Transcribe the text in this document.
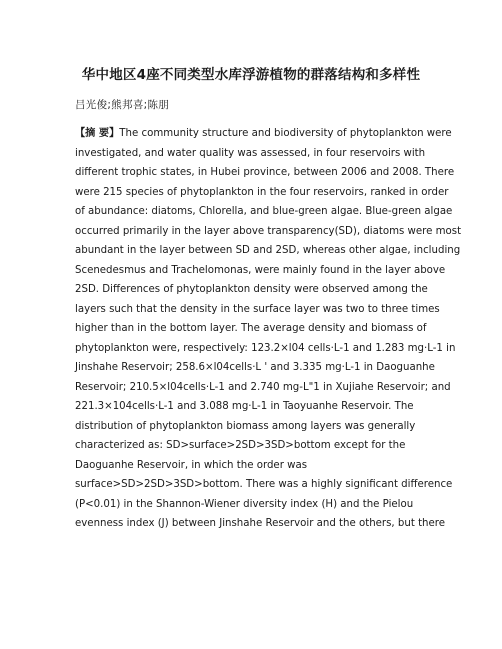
华中地区4座不同类型水库浮游植物的群落结构和多样性
吕光俊;熊邦喜;陈朋
【摘 要】The community structure and biodiversity of phytoplankton were
investigated, and water quality was assessed, in four reservoirs with
different trophic states, in Hubei province, between 2006 and 2008. There
were 215 species of phytoplankton in the four reservoirs, ranked in order
of abundance: diatoms, Chlorella, and blue-green algae. Blue-green algae
occurred primarily in the layer above transparency(SD), diatoms were most
abundant in the layer between SD and 2SD, whereas other algae, including
Scenedesmus and Trachelomonas, were mainly found in the layer above
2SD. Differences of phytoplankton density were observed among the
layers such that the density in the surface layer was two to three times
higher than in the bottom layer. The average density and biomass of
phytoplankton were, respectively: 123.2×l04 cells·L-1 and 1.283 mg·L-1 in
Jinshahe Reservoir; 258.6×l04cells·L ' and 3.335 mg·L-1 in Daoguanhe
Reservoir; 210.5×l04cells·L-1 and 2.740 mg-L"1 in Xujiahe Reservoir; and
221.3×104cells·L-1 and 3.088 mg·L-1 in Taoyuanhe Reservoir. The
distribution of phytoplankton biomass among layers was generally
characterized as: SD>surface>2SD>3SD>bottom except for the
Daoguanhe Reservoir, in which the order was
surface>SD>2SD>3SD>bottom. There was a highly significant difference
(P<0.01) in the Shannon-Wiener diversity index (H) and the Pielou
evenness index (J) between Jinshahe Reservoir and the others, but there
